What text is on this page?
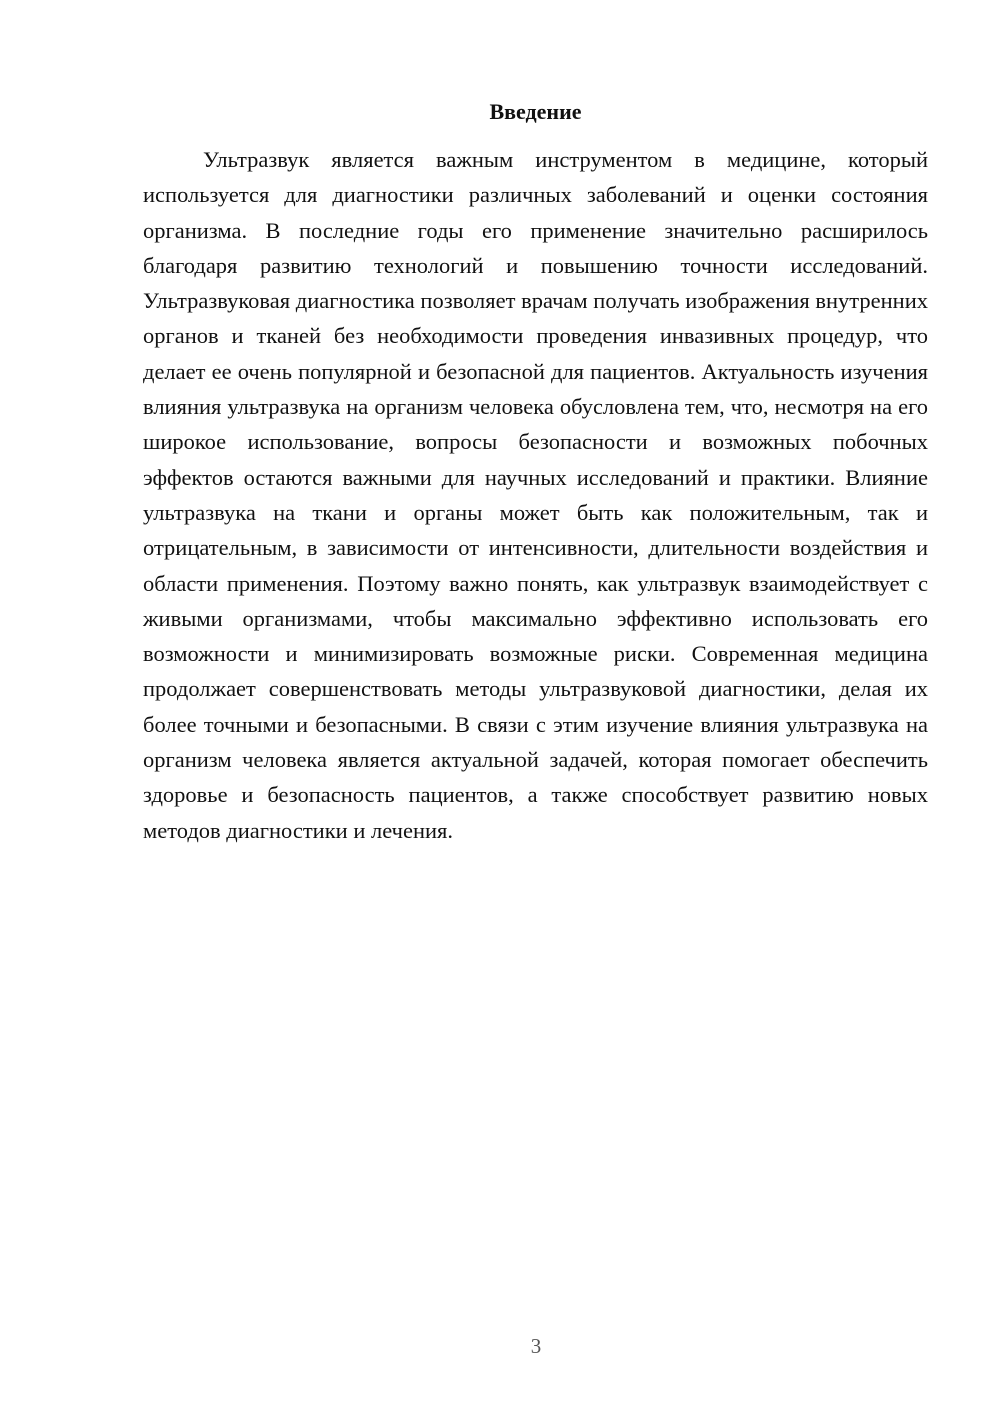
Введение

Ультразвук является важным инструментом в медицине, который используется для диагностики различных заболеваний и оценки состояния организма. В последние годы его применение значительно расширилось благодаря развитию технологий и повышению точности исследований. Ультразвуковая диагностика позволяет врачам получать изображения внутренних органов и тканей без необходимости проведения инвазивных процедур, что делает ее очень популярной и безопасной для пациентов. Актуальность изучения влияния ультразвука на организм человека обусловлена тем, что, несмотря на его широкое использование, вопросы безопасности и возможных побочных эффектов остаются важными для научных исследований и практики. Влияние ультразвука на ткани и органы может быть как положительным, так и отрицательным, в зависимости от интенсивности, длительности воздействия и области применения. Поэтому важно понять, как ультразвук взаимодействует с живыми организмами, чтобы максимально эффективно использовать его возможности и минимизировать возможные риски. Современная медицина продолжает совершенствовать методы ультразвуковой диагностики, делая их более точными и безопасными. В связи с этим изучение влияния ультразвука на организм человека является актуальной задачей, которая помогает обеспечить здоровье и безопасность пациентов, а также способствует развитию новых методов диагностики и лечения.

3
